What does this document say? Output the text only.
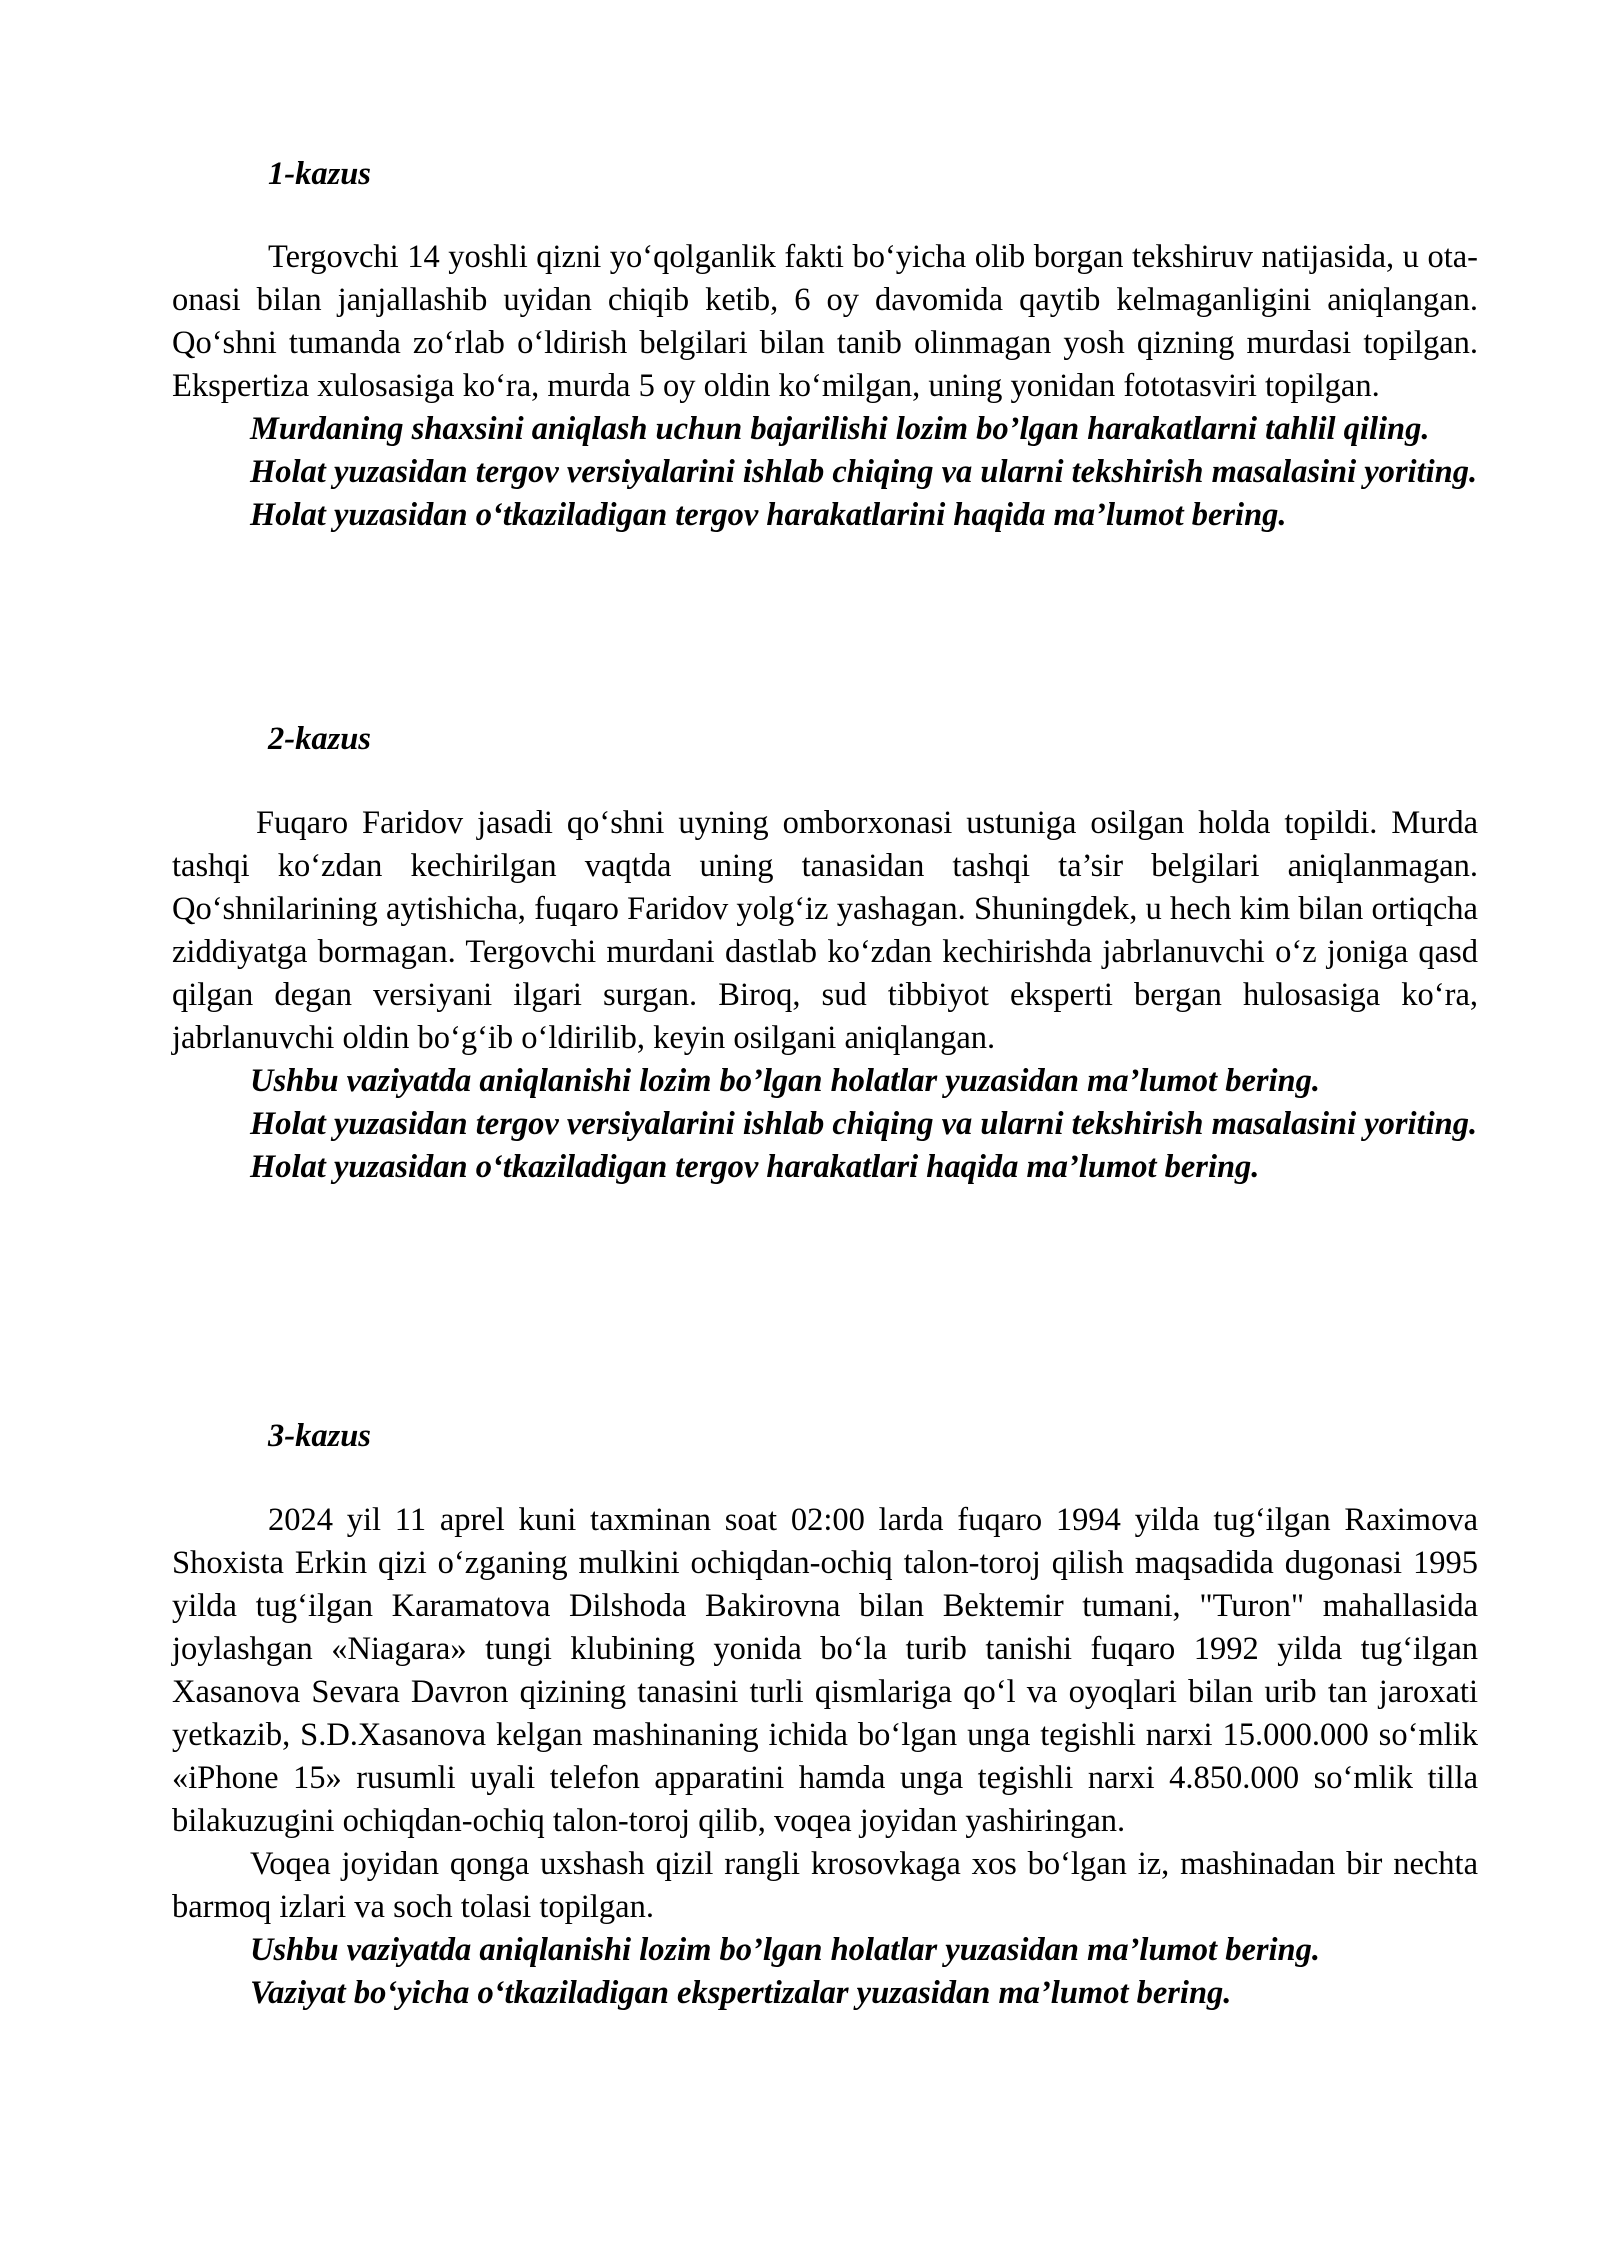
1-kazus

Tergovchi 14 yoshli qizni yo‘qolganlik fakti bo‘yicha olib borgan tekshiruv natijasida, u ota-onasi bilan janjallashib uyidan chiqib ketib, 6 oy davomida qaytib kelmaganligini aniqlangan. Qo‘shni tumanda zo‘rlab o‘ldirish belgilari bilan tanib olinmagan yosh qizning murdasi topilgan. Ekspertiza xulosasiga ko‘ra, murda 5 oy oldin ko‘milgan, uning yonidan fototasviri topilgan.

Murdaning shaxsini aniqlash uchun bajarilishi lozim bo’lgan harakatlarni tahlil qiling.

Holat yuzasidan tergov versiyalarini ishlab chiqing va ularni tekshirish masalasini yoriting.

Holat yuzasidan o‘tkaziladigan tergov harakatlarini haqida ma’lumot bering.

2-kazus

Fuqaro Faridov jasadi qo‘shni uyning omborxonasi ustuniga osilgan holda topildi. Murda tashqi ko‘zdan kechirilgan vaqtda uning tanasidan tashqi ta’sir belgilari aniqlanmagan. Qo‘shnilarining aytishicha, fuqaro Faridov yolg‘iz yashagan. Shuningdek, u hech kim bilan ortiqcha ziddiyatga bormagan. Tergovchi murdani dastlab ko‘zdan kechirishda jabrlanuvchi o‘z joniga qasd qilgan degan versiyani ilgari surgan. Biroq, sud tibbiyot eksperti bergan hulosasiga ko‘ra, jabrlanuvchi oldin bo‘g‘ib o‘ldirilib, keyin osilgani aniqlangan.

Ushbu vaziyatda aniqlanishi lozim bo’lgan holatlar yuzasidan ma’lumot bering.

Holat yuzasidan tergov versiyalarini ishlab chiqing va ularni tekshirish masalasini yoriting.

Holat yuzasidan o‘tkaziladigan tergov harakatlari haqida ma’lumot bering.

3-kazus

2024 yil 11 aprel kuni taxminan soat 02:00 larda fuqaro 1994 yilda tug‘ilgan Raximova Shoxista Erkin qizi o‘zganing mulkini ochiqdan-ochiq talon-toroj qilish maqsadida dugonasi 1995 yilda tug‘ilgan Karamatova Dilshoda Bakirovna bilan Bektemir tumani, "Turon" mahallasida joylashgan «Niagara» tungi klubining yonida bo‘la turib tanishi fuqaro 1992 yilda tug‘ilgan Xasanova Sevara Davron qizining tanasini turli qismlariga qo‘l va oyoqlari bilan urib tan jaroxati yetkazib, S.D.Xasanova kelgan mashinaning ichida bo‘lgan unga tegishli narxi 15.000.000 so‘mlik «iPhone 15» rusumli uyali telefon apparatini hamda unga tegishli narxi 4.850.000 so‘mlik tilla bilakuzugini ochiqdan-ochiq talon-toroj qilib, voqea joyidan yashiringan.

Voqea joyidan qonga uxshash qizil rangli krosovkaga xos bo‘lgan iz, mashinadan bir nechta barmoq izlari va soch tolasi topilgan.

Ushbu vaziyatda aniqlanishi lozim bo’lgan holatlar yuzasidan ma’lumot bering.

Vaziyat bo‘yicha o‘tkaziladigan ekspertizalar yuzasidan ma’lumot bering.
